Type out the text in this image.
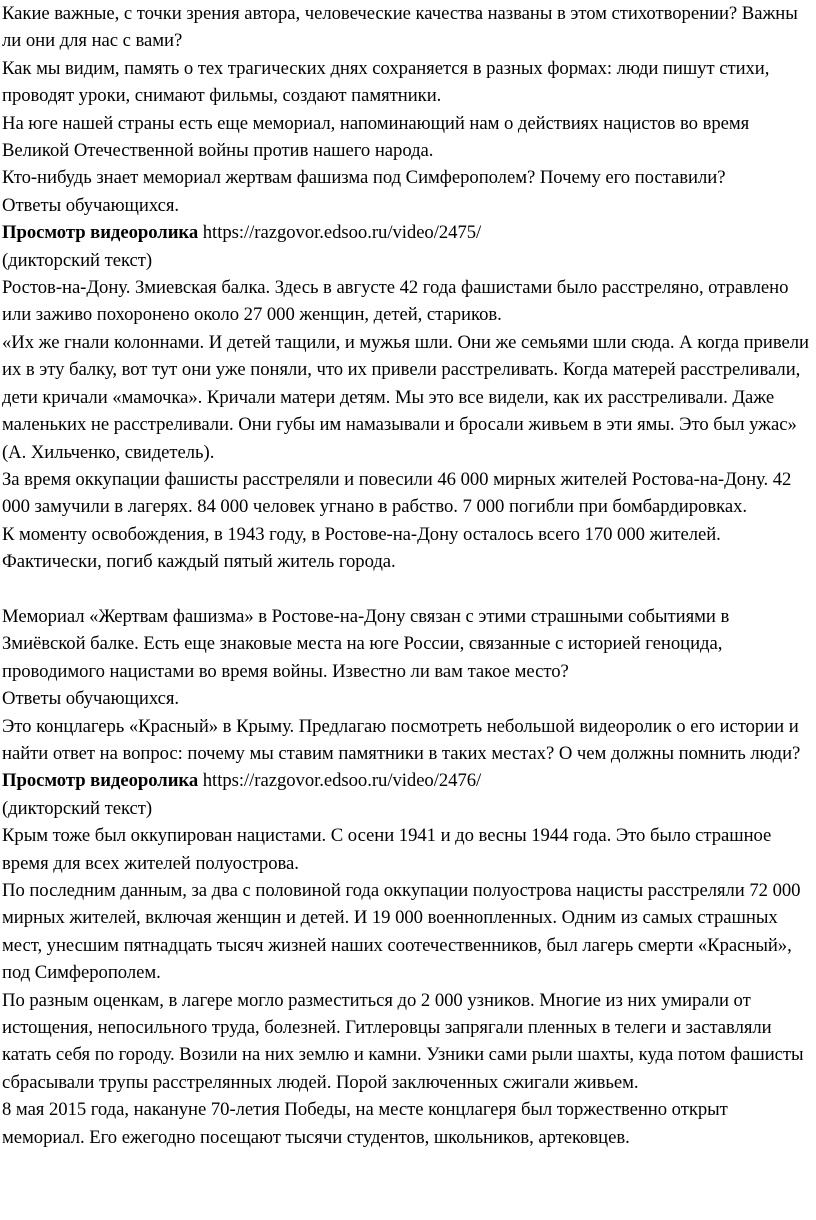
Какие важные, с точки зрения автора, человеческие качества названы в этом стихотворении? Важны ли они для нас с вами?

Как мы видим, память о тех трагических днях сохраняется в разных формах: люди пишут стихи, проводят уроки, снимают фильмы, создают памятники.

На юге нашей страны есть еще мемориал, напоминающий нам о действиях нацистов во время Великой Отечественной войны против нашего народа.

Кто-нибудь знает мемориал жертвам фашизма под Симферополем? Почему его поставили?

Ответы обучающихся.

Просмотр видеоролика https://razgovor.edsoo.ru/video/2475/

(дикторский текст)

Ростов-на-Дону. Змиевская балка. Здесь в августе 42 года фашистами было расстреляно, отравлено или заживо похоронено около 27 000 женщин, детей, стариков.

«Их же гнали колоннами. И детей тащили, и мужья шли. Они же семьями шли сюда. А когда привели их в эту балку, вот тут они уже поняли, что их привели расстреливать. Когда матерей расстреливали, дети кричали «мамочка». Кричали матери детям. Мы это все видели, как их расстреливали. Даже маленьких не расстреливали. Они губы им намазывали и бросали живьем в эти ямы. Это был ужас» (А. Хильченко, свидетель).

За время оккупации фашисты расстреляли и повесили 46 000 мирных жителей Ростова-на-Дону. 42 000 замучили в лагерях. 84 000 человек угнано в рабство. 7 000 погибли при бомбардировках.

К моменту освобождения, в 1943 году, в Ростове-на-Дону осталось всего 170 000 жителей. Фактически, погиб каждый пятый житель города.

Мемориал «Жертвам фашизма» в Ростове-на-Дону связан с этими страшными событиями в Змиёвской балке. Есть еще знаковые места на юге России, связанные с историей геноцида, проводимого нацистами во время войны. Известно ли вам такое место?

Ответы обучающихся.

Это концлагерь «Красный» в Крыму. Предлагаю посмотреть небольшой видеоролик о его истории и найти ответ на вопрос: почему мы ставим памятники в таких местах? О чем должны помнить люди?

Просмотр видеоролика https://razgovor.edsoo.ru/video/2476/

(дикторский текст)

Крым тоже был оккупирован нацистами. С осени 1941 и до весны 1944 года. Это было страшное время для всех жителей полуострова.

По последним данным, за два с половиной года оккупации полуострова нацисты расстреляли 72 000 мирных жителей, включая женщин и детей. И 19 000 военнопленных. Одним из самых страшных мест, унесшим пятнадцать тысяч жизней наших соотечественников, был лагерь смерти «Красный», под Симферополем.

По разным оценкам, в лагере могло разместиться до 2 000 узников. Многие из них умирали от истощения, непосильного труда, болезней. Гитлеровцы запрягали пленных в телеги и заставляли катать себя по городу. Возили на них землю и камни. Узники сами рыли шахты, куда потом фашисты сбрасывали трупы расстрелянных людей. Порой заключенных сжигали живьем.

8 мая 2015 года, накануне 70-летия Победы, на месте концлагеря был торжественно открыт мемориал. Его ежегодно посещают тысячи студентов, школьников, артековцев.
